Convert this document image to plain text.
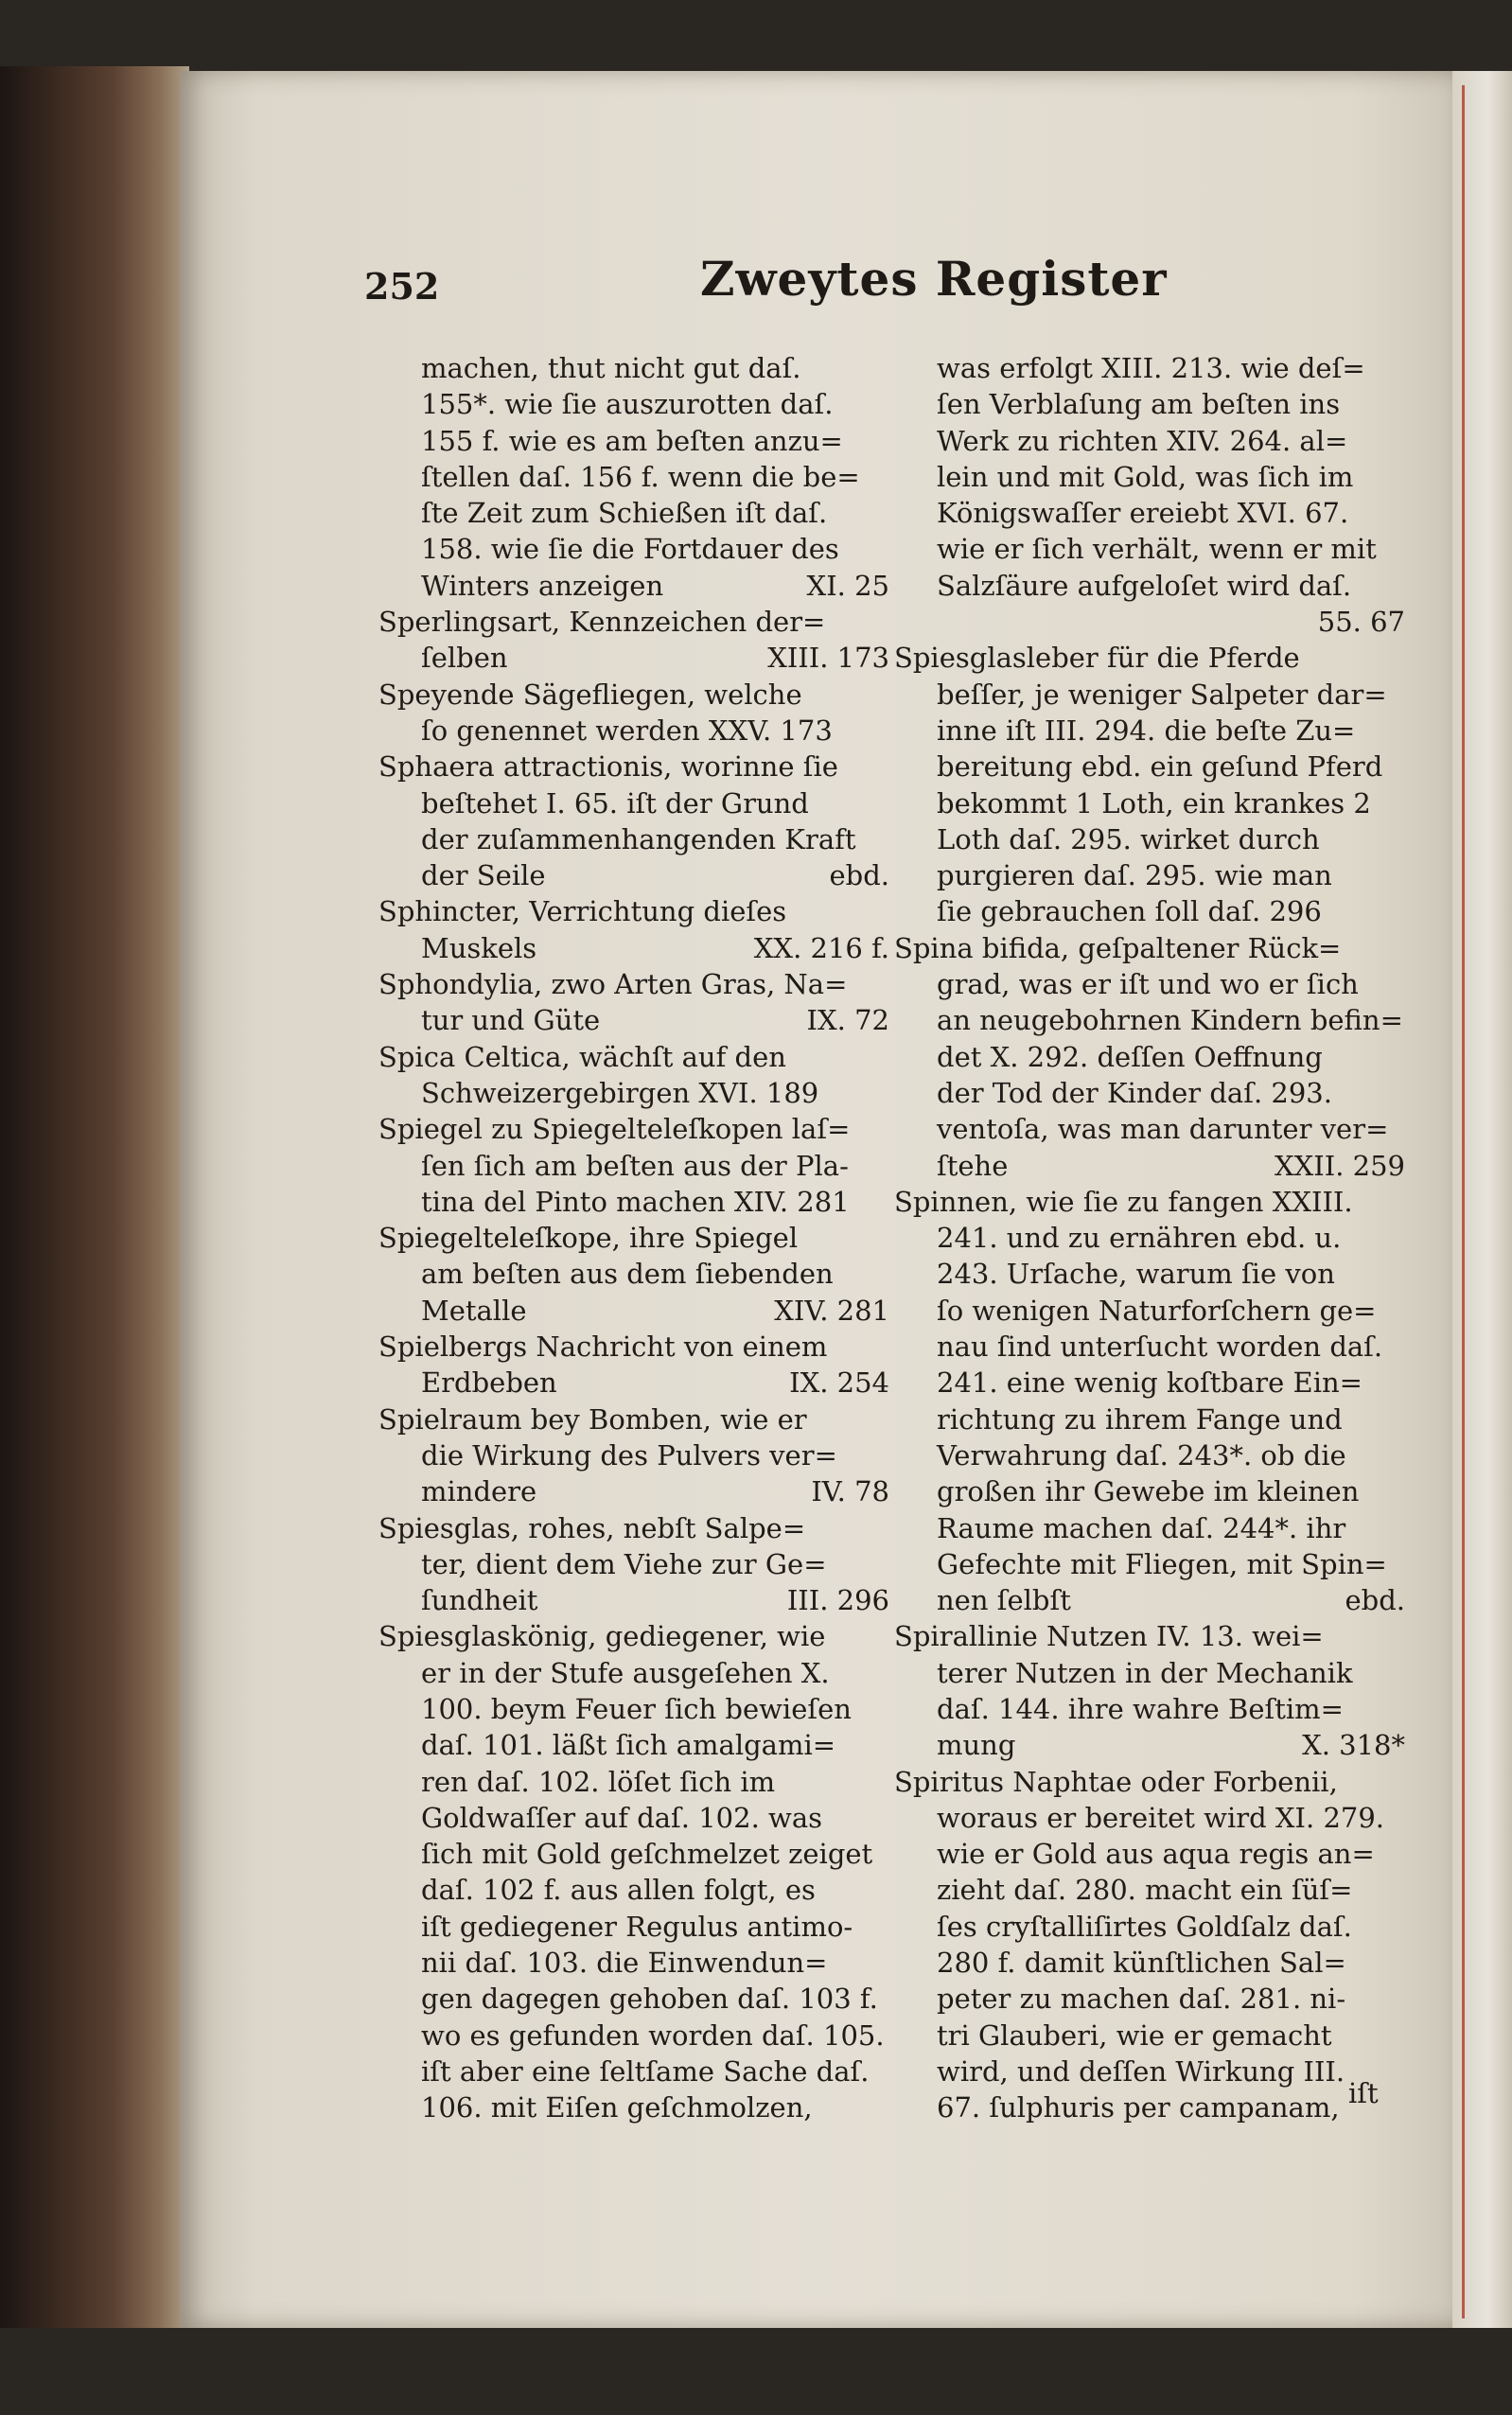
252	Zweytes Register
machen, thut nicht gut daſ.
155*. wie ſie auszurotten daſ.
155 f. wie es am beſten anzu=
ſtellen daſ. 156 f. wenn die be=
ſte Zeit zum Schießen iſt daſ.
158. wie ſie die Fortdauer des
XI. 25
Winters anzeigen
Sperlingsart, Kennzeichen der=
XIII. 173
ſelben
Speyende Sägefliegen, welche
ſo genennet werden XXV. 173
Sphaera attractionis, worinne ſie
beſtehet I. 65. iſt der Grund
der zuſammenhangenden Kraft
ebd.
der Seile
Sphincter, Verrichtung dieſes
XX. 216 f.
Muskels
Sphondylia, zwo Arten Gras, Na=
IX. 72
tur und Güte
Spica Celtica, wächſt auf den
Schweizergebirgen XVI. 189
Spiegel zu Spiegelteleſkopen laſ=
ſen ſich am beſten aus der Pla-
tina del Pinto machen XIV. 281
Spiegelteleſkope, ihre Spiegel
am beſten aus dem ſiebenden
XIV. 281
Metalle
Spielbergs Nachricht von einem
IX. 254
Erdbeben
Spielraum bey Bomben, wie er
die Wirkung des Pulvers ver=
IV. 78
mindere
Spiesglas, rohes, nebſt Salpe=
ter, dient dem Viehe zur Ge=
III. 296
ſundheit
Spiesglaskönig, gediegener, wie
er in der Stufe ausgeſehen X.
100. beym Feuer ſich bewieſen
daſ. 101. läßt ſich amalgami=
ren daſ. 102. löſet ſich im
Goldwaſſer auf daſ. 102. was
ſich mit Gold geſchmelzet zeiget
daſ. 102 f. aus allen folgt, es
iſt gediegener Regulus antimo-
nii daſ. 103. die Einwendun=
gen dagegen gehoben daſ. 103 f.
wo es gefunden worden daſ. 105.
iſt aber eine ſeltſame Sache daſ.
106. mit Eiſen geſchmolzen,
was erfolgt XIII. 213. wie deſ=
ſen Verblaſung am beſten ins
Werk zu richten XIV. 264. al=
lein und mit Gold, was ſich im
Königswaſſer ereiebt XVI. 67.
wie er ſich verhält, wenn er mit
Salzſäure aufgeloſet wird daſ.
55. 67
Spiesglasleber für die Pferde
beſſer, je weniger Salpeter dar=
inne iſt III. 294. die beſte Zu=
bereitung ebd. ein geſund Pferd
bekommt 1 Loth, ein krankes 2
Loth daſ. 295. wirket durch
purgieren daſ. 295. wie man
ſie gebrauchen ſoll daſ. 296
Spina bifida, geſpaltener Rück=
grad, was er iſt und wo er ſich
an neugebohrnen Kindern befin=
det X. 292. deſſen Oeffnung
der Tod der Kinder daſ. 293.
ventoſa, was man darunter ver=
XXII. 259
ſtehe
Spinnen, wie ſie zu fangen XXIII.
241. und zu ernähren ebd. u.
243. Urſache, warum ſie von
ſo wenigen Naturforſchern ge=
nau ſind unterſucht worden daſ.
241. eine wenig koſtbare Ein=
richtung zu ihrem Fange und
Verwahrung daſ. 243*. ob die
großen ihr Gewebe im kleinen
Raume machen daſ. 244*. ihr
Gefechte mit Fliegen, mit Spin=
ebd.
nen ſelbſt
Spirallinie Nutzen IV. 13. wei=
terer Nutzen in der Mechanik
daſ. 144. ihre wahre Beſtim=
X. 318*
mung
Spiritus Naphtae oder Forbenii,
woraus er bereitet wird XI. 279.
wie er Gold aus aqua regis an=
zieht daſ. 280. macht ein ſüſ=
ſes cryſtalliſirtes Goldſalz daſ.
280 f. damit künſtlichen Sal=
peter zu machen daſ. 281. ni-
tri Glauberi, wie er gemacht
wird, und deſſen Wirkung III.
67. ſulphuris per campanam, iſt
